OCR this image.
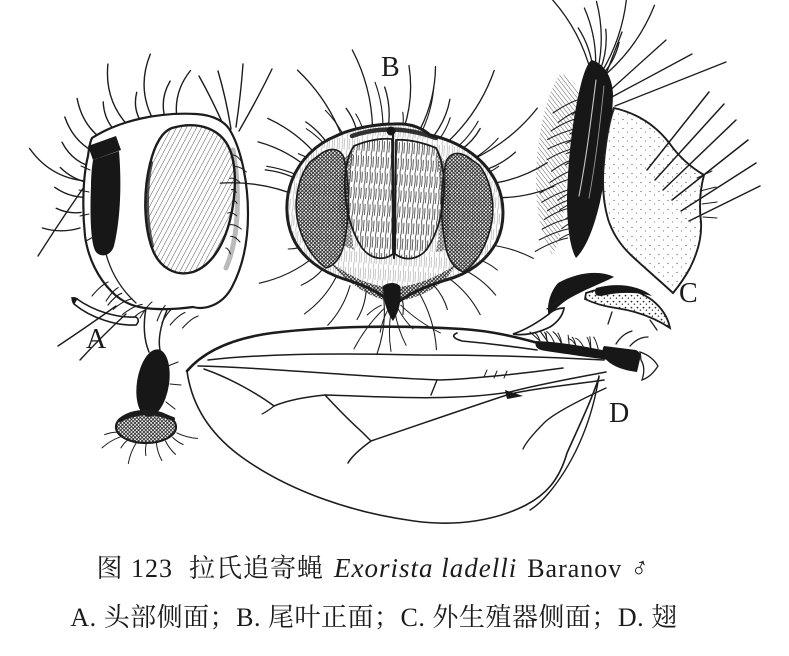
A
B
C
D
图 123 拉氏追寄蝇 Exorista ladelli Baranov ♂
A. 头部侧面；B. 尾叶正面；C. 外生殖器侧面；D. 翅
